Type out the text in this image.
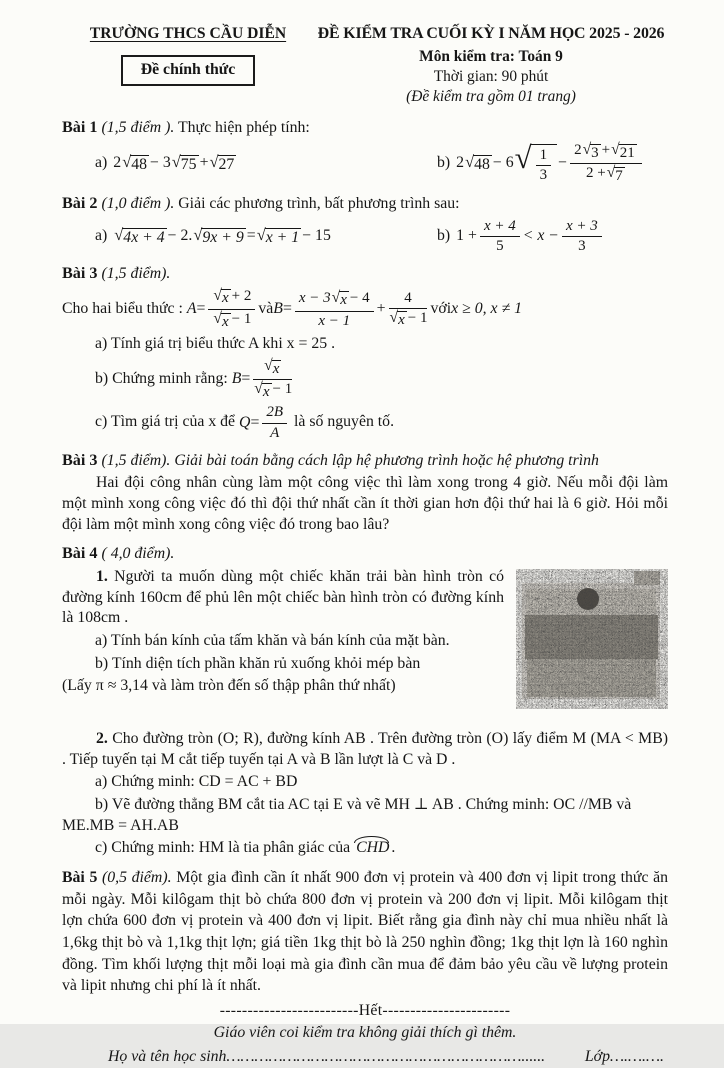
TRƯỜNG THCS CẦU DIỄN
Đề chính thức
ĐỀ KIỂM TRA CUỐI KỲ I NĂM HỌC 2025 - 2026
Môn kiểm tra: Toán 9
Thời gian: 90 phút
(Đề kiểm tra gồm 01 trang)

Bài 1 (1,5 điểm ). Thực hiện phép tính:

a) 2 √ 48 − 3 √ 75 + √ 27	b) 2 √ 48 − 6 √ $\frac{1}{3} - \frac{2 √ 3 + √ 21}{2 + √ 7}$

Bài 2 (1,0 điểm ). Giải các phương trình, bất phương trình sau:

a) √ 4x + 4 − 2. √ 9x + 9 = √ x + 1 − 15	b) $1 + \frac{x + 4}{5} < x - \frac{x + 3}{3}$

Bài 3 (1,5 điểm).

Cho hai biểu thức : $A = \frac{√ x + 2}{√ x - 1}$ và $B = \frac{x - 3 √ x - 4}{x - 1} + \frac{4}{√ x - 1}$ với x ≥ 0, x ≠ 1

a) Tính giá trị biểu thức A khi x = 25 .

b) Chứng minh rằng: $B = \frac{√ x}{√ x - 1}$

c) Tìm giá trị của x để $Q = \frac{2B}{A}$ là số nguyên tố.

Bài 3 (1,5 điểm). Giải bài toán bằng cách lập hệ phương trình hoặc hệ phương trình

Hai đội công nhân cùng làm một công việc thì làm xong trong 4 giờ. Nếu mỗi đội làm một mình xong công việc đó thì đội thứ nhất cần ít thời gian hơn đội thứ hai là 6 giờ. Hỏi mỗi đội làm một mình xong công việc đó trong bao lâu?

Bài 4 ( 4,0 điểm).

1. Người ta muốn dùng một chiếc khăn trải bàn hình tròn có đường kính 160cm để phủ lên một chiếc bàn hình tròn có đường kính là 108cm .

a) Tính bán kính của tấm khăn và bán kính của mặt bàn.

b) Tính diện tích phần khăn rủ xuống khỏi mép bàn

(Lấy π ≈ 3,14 và làm tròn đến số thập phân thứ nhất)

2. Cho đường tròn (O; R), đường kính AB . Trên đường tròn (O) lấy điểm M (MA < MB) . Tiếp tuyến tại M cắt tiếp tuyến tại A và B lần lượt là C và D .

a) Chứng minh: CD = AC + BD

b) Vẽ đường thẳng BM cắt tia AC tại E và vẽ MH ⊥ AB . Chứng minh: OC //MB và ME.MB = AH.AB

c) Chứng minh: HM là tia phân giác của CHD .

Bài 5 (0,5 điểm). Một gia đình cần ít nhất 900 đơn vị protein và 400 đơn vị lipit trong thức ăn mỗi ngày. Mỗi kilôgam thịt bò chứa 800 đơn vị protein và 200 đơn vị lipit. Mỗi kilôgam thịt lợn chứa 600 đơn vị protein và 400 đơn vị lipit. Biết rằng gia đình này chỉ mua nhiều nhất là 1,6kg thịt bò và 1,1kg thịt lợn; giá tiền 1kg thịt bò là 250 nghìn đồng; 1kg thịt lợn là 160 nghìn đồng. Tìm khối lượng thịt mỗi loại mà gia đình cần mua để đảm bảo yêu cầu về lượng protein và lipit nhưng chi phí là ít nhất.

-------------------------Hết-----------------------

Giáo viên coi kiểm tra không giải thích gì thêm.

Họ và tên học sinh………………………………………………………......	Lớp….….….
